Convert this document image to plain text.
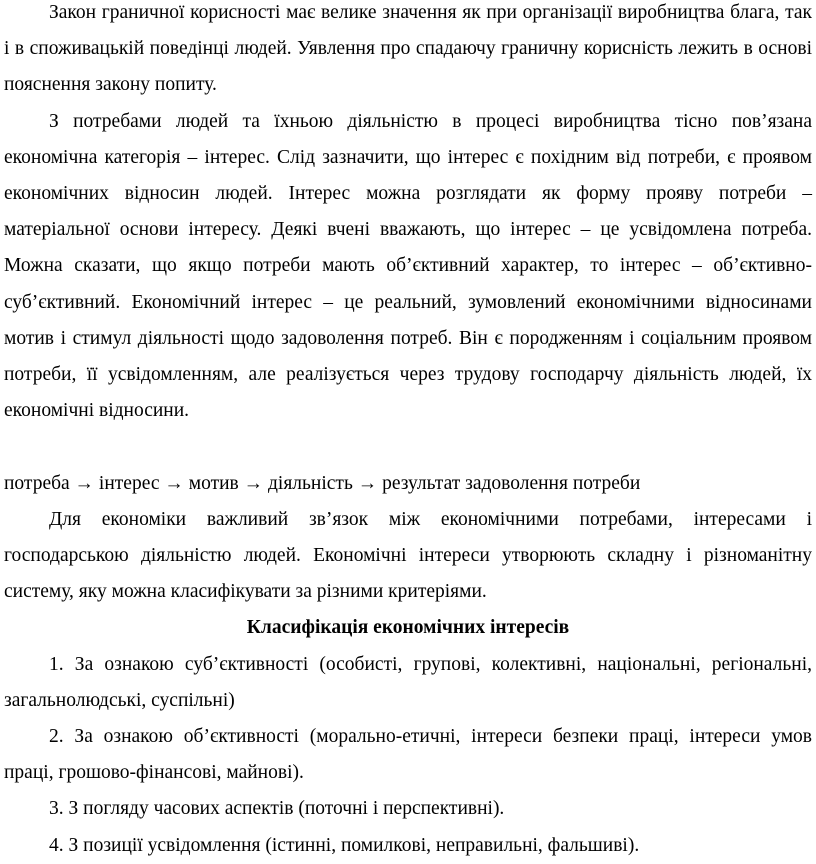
Закон граничної корисності має велике значення як при організації виробництва блага, так і в споживацькій поведінці людей. Уявлення про спадаючу граничну корисність лежить в основі пояснення закону попиту.

З потребами людей та їхньою діяльністю в процесі виробництва тісно пов’язана економічна категорія – інтерес. Слід зазначити, що інтерес є похідним від потреби, є проявом економічних відносин людей. Інтерес можна розглядати як форму прояву потреби – матеріальної основи інтересу. Деякі вчені вважають, що інтерес – це усвідомлена потреба. Можна сказати, що якщо потреби мають об’єктивний характер, то інтерес – об’єктивно-суб’єктивний. Економічний інтерес – це реальний, зумовлений економічними відносинами мотив і стимул діяльності щодо задоволення потреб. Він є породженням і соціальним проявом потреби, її усвідомленням, але реалізується через трудову господарчу діяльність людей, їх економічні відносини.

потреба → інтерес → мотив → діяльність → результат задоволення потреби

Для економіки важливий зв’язок між економічними потребами, інтересами і господарською діяльністю людей. Економічні інтереси утворюють складну і різноманітну систему, яку можна класифікувати за різними критеріями.

Класифікація економічних інтересів

1. За ознакою суб’єктивності (особисті, групові, колективні, національні, регіональні, загальнолюдські, суспільні)

2. За ознакою об’єктивності (морально-етичні, інтереси безпеки праці, інтереси умов праці, грошово-фінансові, майнові).

3. З погляду часових аспектів (поточні і перспективні).

4. З позиції усвідомлення (істинні, помилкові, неправильні, фальшиві).
